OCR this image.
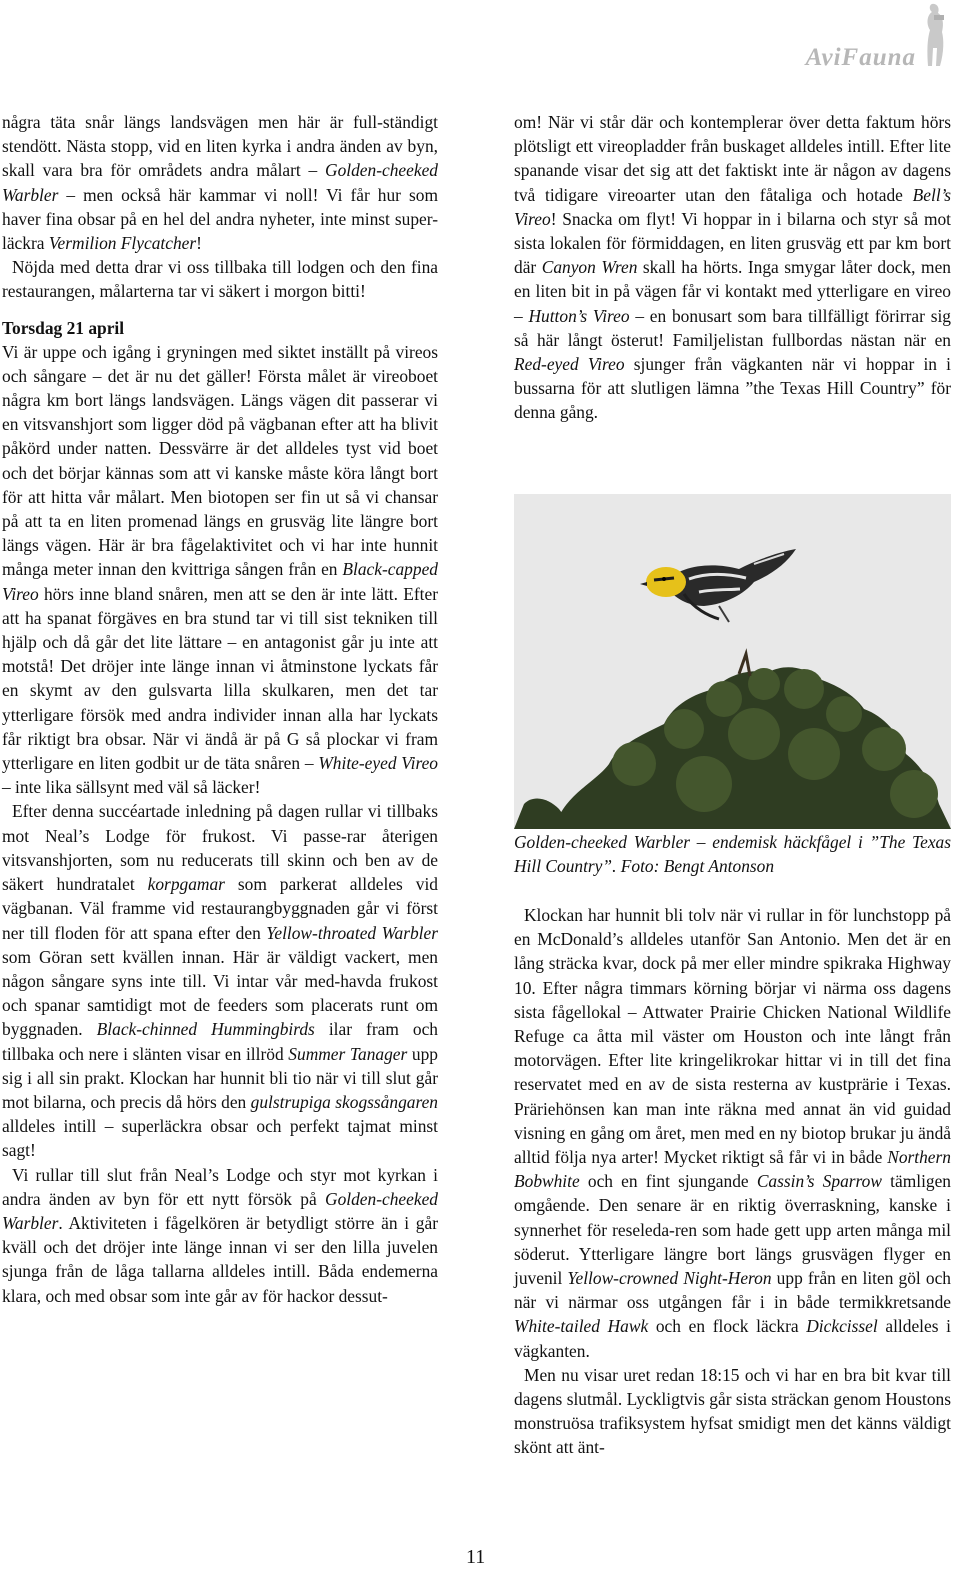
AviFauna

några täta snår längs landsvägen men här är full-ständigt stendött. Nästa stopp, vid en liten kyrka i andra änden av byn, skall vara bra för områdets andra målart – Golden-cheeked Warbler – men också här kammar vi noll! Vi får hur som haver fina obsar på en hel del andra nyheter, inte minst super-läckra Vermilion Flycatcher!

Nöjda med detta drar vi oss tillbaka till lodgen och den fina restaurangen, målarterna tar vi säkert i morgon bitti!

Torsdag 21 april

Vi är uppe och igång i gryningen med siktet inställt på vireos och sångare – det är nu det gäller! Första målet är vireoboet några km bort längs landsvägen. Längs vägen dit passerar vi en vitsvanshjort som ligger död på vägbanan efter att ha blivit påkörd under natten. Dessvärre är det alldeles tyst vid boet och det börjar kännas som att vi kanske måste köra långt bort för att hitta vår målart. Men biotopen ser fin ut så vi chansar på att ta en liten promenad längs en grusväg lite längre bort längs vägen. Här är bra fågelaktivitet och vi har inte hunnit många meter innan den kvittriga sången från en Black-capped Vireo hörs inne bland snåren, men att se den är inte lätt. Efter att ha spanat förgäves en bra stund tar vi till sist tekniken till hjälp och då går det lite lättare – en antagonist går ju inte att motstå! Det dröjer inte länge innan vi åtminstone lyckats får en skymt av den gulsvarta lilla skulkaren, men det tar ytterligare försök med andra individer innan alla har lyckats får riktigt bra obsar. När vi ändå är på G så plockar vi fram ytterligare en liten godbit ur de täta snåren – White-eyed Vireo – inte lika sällsynt med väl så läcker!

Efter denna succéartade inledning på dagen rullar vi tillbaks mot Neal’s Lodge för frukost. Vi passe-rar återigen vitsvanshjorten, som nu reducerats till skinn och ben av de säkert hundratalet korpgamar som parkerat alldeles vid vägbanan. Väl framme vid restaurangbyggnaden går vi först ner till floden för att spana efter den Yellow-throated Warbler som Göran sett kvällen innan. Här är väldigt vackert, men någon sångare syns inte till. Vi intar vår med-havda frukost och spanar samtidigt mot de feeders som placerats runt om byggnaden. Black-chinned Hummingbirds ilar fram och tillbaka och nere i slänten visar en illröd Summer Tanager upp sig i all sin prakt. Klockan har hunnit bli tio när vi till slut går mot bilarna, och precis då hörs den gulstrupiga skogssångaren alldeles intill – superläckra obsar och perfekt tajmat minst sagt!

Vi rullar till slut från Neal’s Lodge och styr mot kyrkan i andra änden av byn för ett nytt försök på Golden-cheeked Warbler. Aktiviteten i fågelkören är betydligt större än i går kväll och det dröjer inte länge innan vi ser den lilla juvelen sjunga från de låga tallarna alldeles intill. Båda endemerna klara, och med obsar som inte går av för hackor dessut-

om! När vi står där och kontemplerar över detta faktum hörs plötsligt ett vireopladder från buskaget alldeles intill. Efter lite spanande visar det sig att det faktiskt inte är någon av dagens två tidigare vireoarter utan den fåtaliga och hotade Bell’s Vireo! Snacka om flyt! Vi hoppar in i bilarna och styr så mot sista lokalen för förmiddagen, en liten grusväg ett par km bort där Canyon Wren skall ha hörts. Inga smygar låter dock, men en liten bit in på vägen får vi kontakt med ytterligare en vireo – Hutton’s Vireo – en bonusart som bara tillfälligt förirrar sig så här långt österut! Familjelistan fullbordas nästan när en Red-eyed Vireo sjunger från vägkanten när vi hoppar in i bussarna för att slutligen lämna ”the Texas Hill Country” för denna gång.

Golden-cheeked Warbler – endemisk häckfågel i ”The Texas Hill Country”. Foto: Bengt Antonson

Klockan har hunnit bli tolv när vi rullar in för lunchstopp på en McDonald’s alldeles utanför San Antonio. Men det är en lång sträcka kvar, dock på mer eller mindre spikraka Highway 10. Efter några timmars körning börjar vi närma oss dagens sista fågellokal – Attwater Prairie Chicken National Wildlife Refuge ca åtta mil väster om Houston och inte långt från motorvägen. Efter lite kringelikrokar hittar vi in till det fina reservatet med en av de sista resterna av kustprärie i Texas. Präriehönsen kan man inte räkna med annat än vid guidad visning en gång om året, men med en ny biotop brukar ju ändå alltid följa nya arter! Mycket riktigt så får vi in både Northern Bobwhite och en fint sjungande Cassin’s Sparrow tämligen omgående. Den senare är en riktig överraskning, kanske i synnerhet för reseleda-ren som hade gett upp arten många mil söderut. Ytterligare längre bort längs grusvägen flyger en juvenil Yellow-crowned Night-Heron upp från en liten göl och när vi närmar oss utgången får i in både termikkretsande White-tailed Hawk och en flock läckra Dickcissel alldeles i vägkanten.

Men nu visar uret redan 18:15 och vi har en bra bit kvar till dagens slutmål. Lyckligtvis går sista sträckan genom Houstons monstruösa trafiksystem hyfsat smidigt men det känns väldigt skönt att änt-

11
